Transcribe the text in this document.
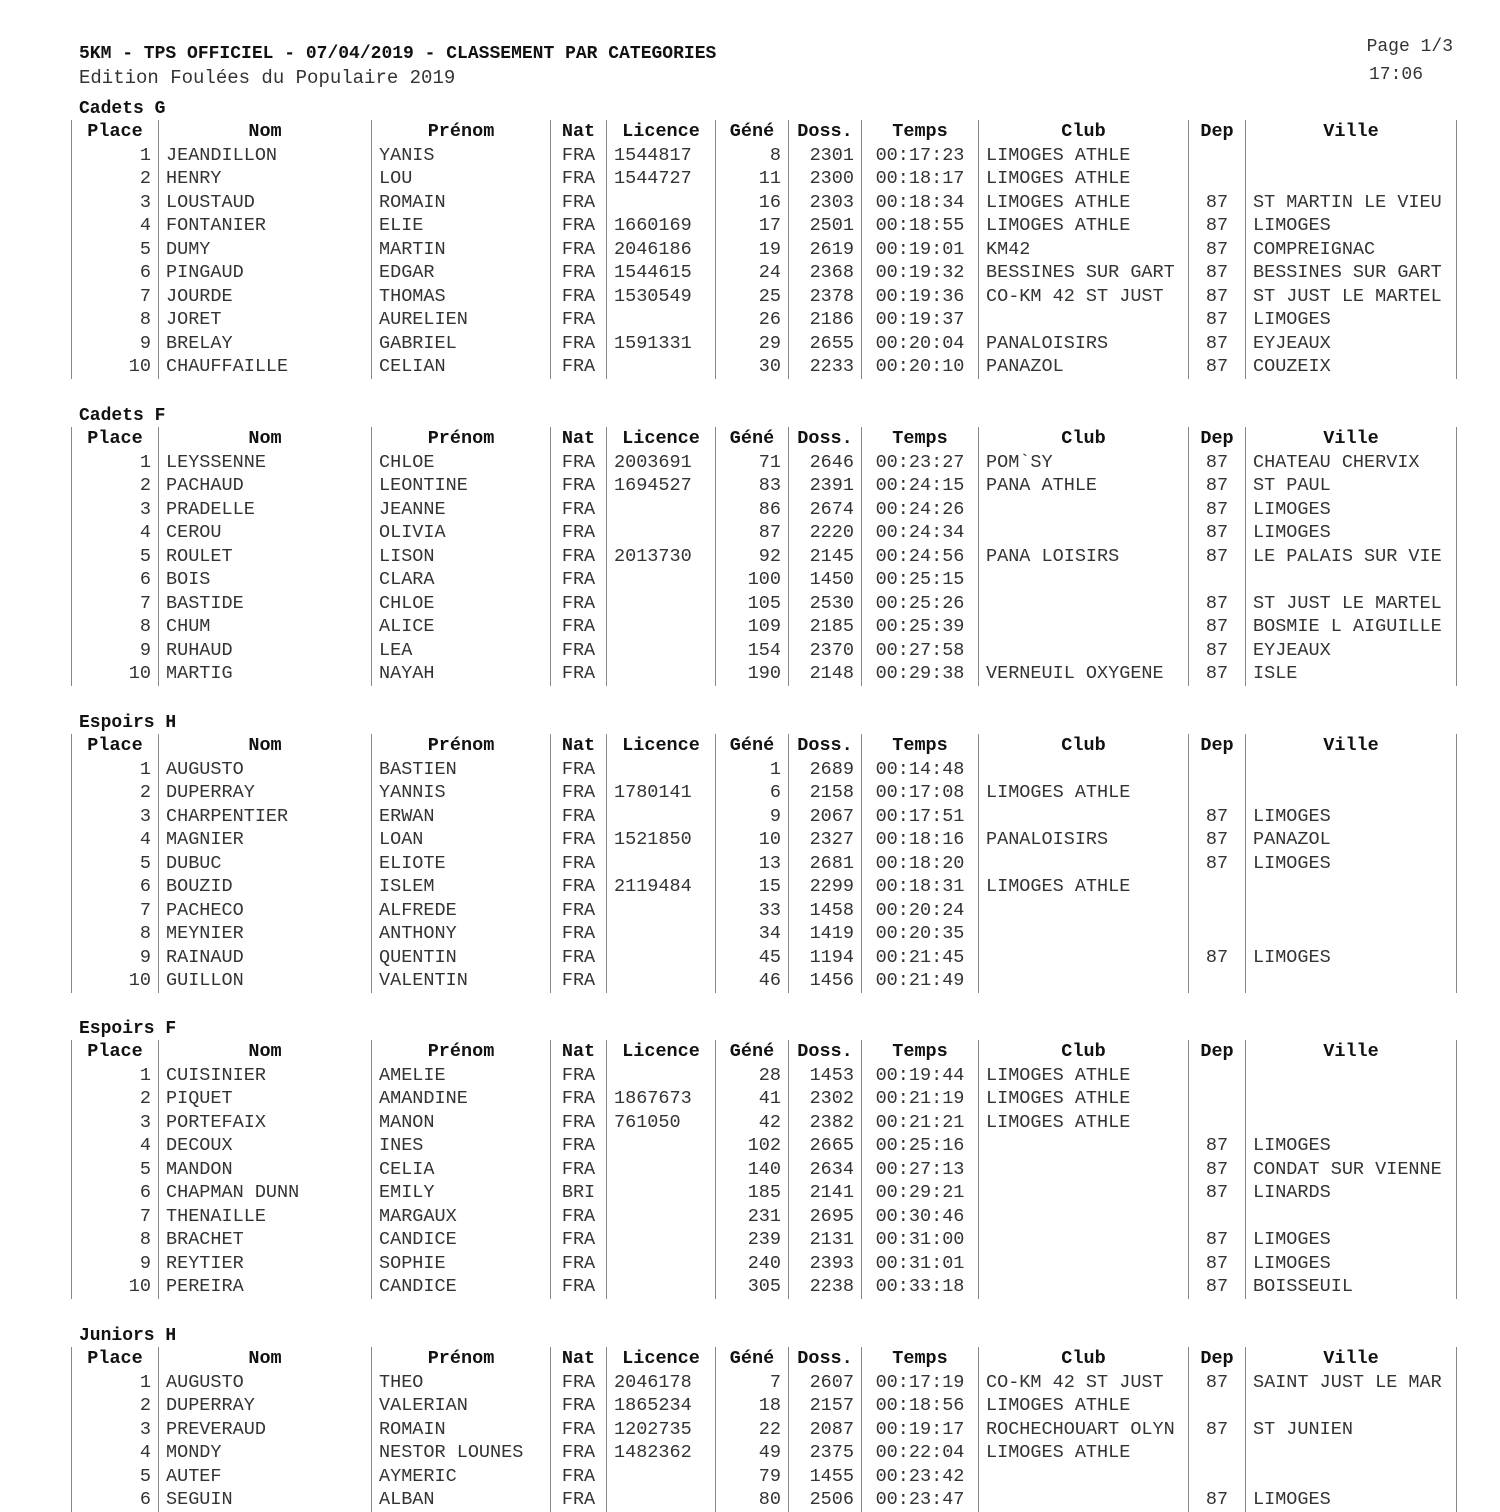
5KM - TPS OFFICIEL - 07/04/2019 - CLASSEMENT PAR CATEGORIES
Edition Foulées du Populaire 2019
Page 1/3
17:06
Cadets G
Place	Nom	Prénom	Nat	Licence	Géné	Doss.	Temps	Club	Dep	Ville
1	JEANDILLON	YANIS	FRA	1544817	8	2301	00:17:23	LIMOGES ATHLE		
2	HENRY	LOU	FRA	1544727	11	2300	00:18:17	LIMOGES ATHLE		
3	LOUSTAUD	ROMAIN	FRA		16	2303	00:18:34	LIMOGES ATHLE	87	ST MARTIN LE VIEU
4	FONTANIER	ELIE	FRA	1660169	17	2501	00:18:55	LIMOGES ATHLE	87	LIMOGES
5	DUMY	MARTIN	FRA	2046186	19	2619	00:19:01	KM42	87	COMPREIGNAC
6	PINGAUD	EDGAR	FRA	1544615	24	2368	00:19:32	BESSINES SUR GART	87	BESSINES SUR GART
7	JOURDE	THOMAS	FRA	1530549	25	2378	00:19:36	CO-KM 42 ST JUST	87	ST JUST LE MARTEL
8	JORET	AURELIEN	FRA		26	2186	00:19:37		87	LIMOGES
9	BRELAY	GABRIEL	FRA	1591331	29	2655	00:20:04	PANALOISIRS	87	EYJEAUX
10	CHAUFFAILLE	CELIAN	FRA		30	2233	00:20:10	PANAZOL	87	COUZEIX
Cadets F
Place	Nom	Prénom	Nat	Licence	Géné	Doss.	Temps	Club	Dep	Ville
1	LEYSSENNE	CHLOE	FRA	2003691	71	2646	00:23:27	POM`SY	87	CHATEAU CHERVIX
2	PACHAUD	LEONTINE	FRA	1694527	83	2391	00:24:15	PANA ATHLE	87	ST PAUL
3	PRADELLE	JEANNE	FRA		86	2674	00:24:26		87	LIMOGES
4	CEROU	OLIVIA	FRA		87	2220	00:24:34		87	LIMOGES
5	ROULET	LISON	FRA	2013730	92	2145	00:24:56	PANA LOISIRS	87	LE PALAIS SUR VIE
6	BOIS	CLARA	FRA		100	1450	00:25:15			
7	BASTIDE	CHLOE	FRA		105	2530	00:25:26		87	ST JUST LE MARTEL
8	CHUM	ALICE	FRA		109	2185	00:25:39		87	BOSMIE L AIGUILLE
9	RUHAUD	LEA	FRA		154	2370	00:27:58		87	EYJEAUX
10	MARTIG	NAYAH	FRA		190	2148	00:29:38	VERNEUIL OXYGENE	87	ISLE
Espoirs H
Place	Nom	Prénom	Nat	Licence	Géné	Doss.	Temps	Club	Dep	Ville
1	AUGUSTO	BASTIEN	FRA		1	2689	00:14:48			
2	DUPERRAY	YANNIS	FRA	1780141	6	2158	00:17:08	LIMOGES ATHLE		
3	CHARPENTIER	ERWAN	FRA		9	2067	00:17:51		87	LIMOGES
4	MAGNIER	LOAN	FRA	1521850	10	2327	00:18:16	PANALOISIRS	87	PANAZOL
5	DUBUC	ELIOTE	FRA		13	2681	00:18:20		87	LIMOGES
6	BOUZID	ISLEM	FRA	2119484	15	2299	00:18:31	LIMOGES ATHLE		
7	PACHECO	ALFREDE	FRA		33	1458	00:20:24			
8	MEYNIER	ANTHONY	FRA		34	1419	00:20:35			
9	RAINAUD	QUENTIN	FRA		45	1194	00:21:45		87	LIMOGES
10	GUILLON	VALENTIN	FRA		46	1456	00:21:49			
Espoirs F
Place	Nom	Prénom	Nat	Licence	Géné	Doss.	Temps	Club	Dep	Ville
1	CUISINIER	AMELIE	FRA		28	1453	00:19:44	LIMOGES ATHLE		
2	PIQUET	AMANDINE	FRA	1867673	41	2302	00:21:19	LIMOGES ATHLE		
3	PORTEFAIX	MANON	FRA	761050	42	2382	00:21:21	LIMOGES ATHLE		
4	DECOUX	INES	FRA		102	2665	00:25:16		87	LIMOGES
5	MANDON	CELIA	FRA		140	2634	00:27:13		87	CONDAT SUR VIENNE
6	CHAPMAN DUNN	EMILY	BRI		185	2141	00:29:21		87	LINARDS
7	THENAILLE	MARGAUX	FRA		231	2695	00:30:46			
8	BRACHET	CANDICE	FRA		239	2131	00:31:00		87	LIMOGES
9	REYTIER	SOPHIE	FRA		240	2393	00:31:01		87	LIMOGES
10	PEREIRA	CANDICE	FRA		305	2238	00:33:18		87	BOISSEUIL
Juniors H
Place	Nom	Prénom	Nat	Licence	Géné	Doss.	Temps	Club	Dep	Ville
1	AUGUSTO	THEO	FRA	2046178	7	2607	00:17:19	CO-KM 42 ST JUST	87	SAINT JUST LE MAR
2	DUPERRAY	VALERIAN	FRA	1865234	18	2157	00:18:56	LIMOGES ATHLE		
3	PREVERAUD	ROMAIN	FRA	1202735	22	2087	00:19:17	ROCHECHOUART OLYN	87	ST JUNIEN
4	MONDY	NESTOR LOUNES	FRA	1482362	49	2375	00:22:04	LIMOGES ATHLE		
5	AUTEF	AYMERIC	FRA		79	1455	00:23:42			
6	SEGUIN	ALBAN	FRA		80	2506	00:23:47		87	LIMOGES
